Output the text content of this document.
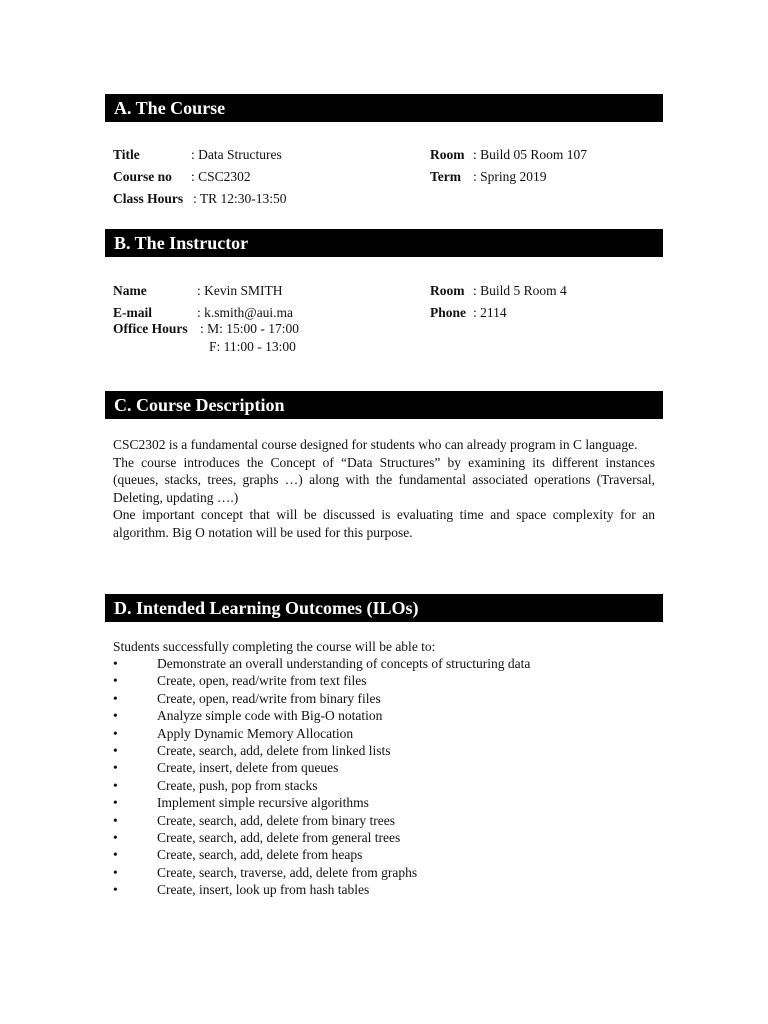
A. The Course
Title	: Data Structures
Course no : CSC2302
Class Hours : TR 12:30-13:50
Room : Build 05 Room 107
Term : Spring 2019
B. The Instructor
Name	: Kevin SMITH
E-mail	: k.smith@aui.ma
Office Hours : M: 15:00 - 17:00
F: 11:00 - 13:00
Room : Build 5 Room 4
Phone : 2114
C. Course Description

CSC2302 is a fundamental course designed for students who can already program in C language.

The course introduces the Concept of “Data Structures” by examining its different instances (queues, stacks, trees, graphs …) along with the fundamental associated operations (Traversal, Deleting, updating ….)

One important concept that will be discussed is evaluating time and space complexity for an algorithm. Big O notation will be used for this purpose.

D. Intended Learning Outcomes (ILOs)
Students successfully completing the course will be able to:
•	Demonstrate an overall understanding of concepts of structuring data
•	Create, open, read/write from text files
•	Create, open, read/write from binary files
•	Analyze simple code with Big-O notation
•	Apply Dynamic Memory Allocation
•	Create, search, add, delete from linked lists
•	Create, insert, delete from queues
•	Create, push, pop from stacks
•	Implement simple recursive algorithms
•	Create, search, add, delete from binary trees
•	Create, search, add, delete from general trees
•	Create, search, add, delete from heaps
•	Create, search, traverse, add, delete from graphs
•	Create, insert, look up from hash tables
